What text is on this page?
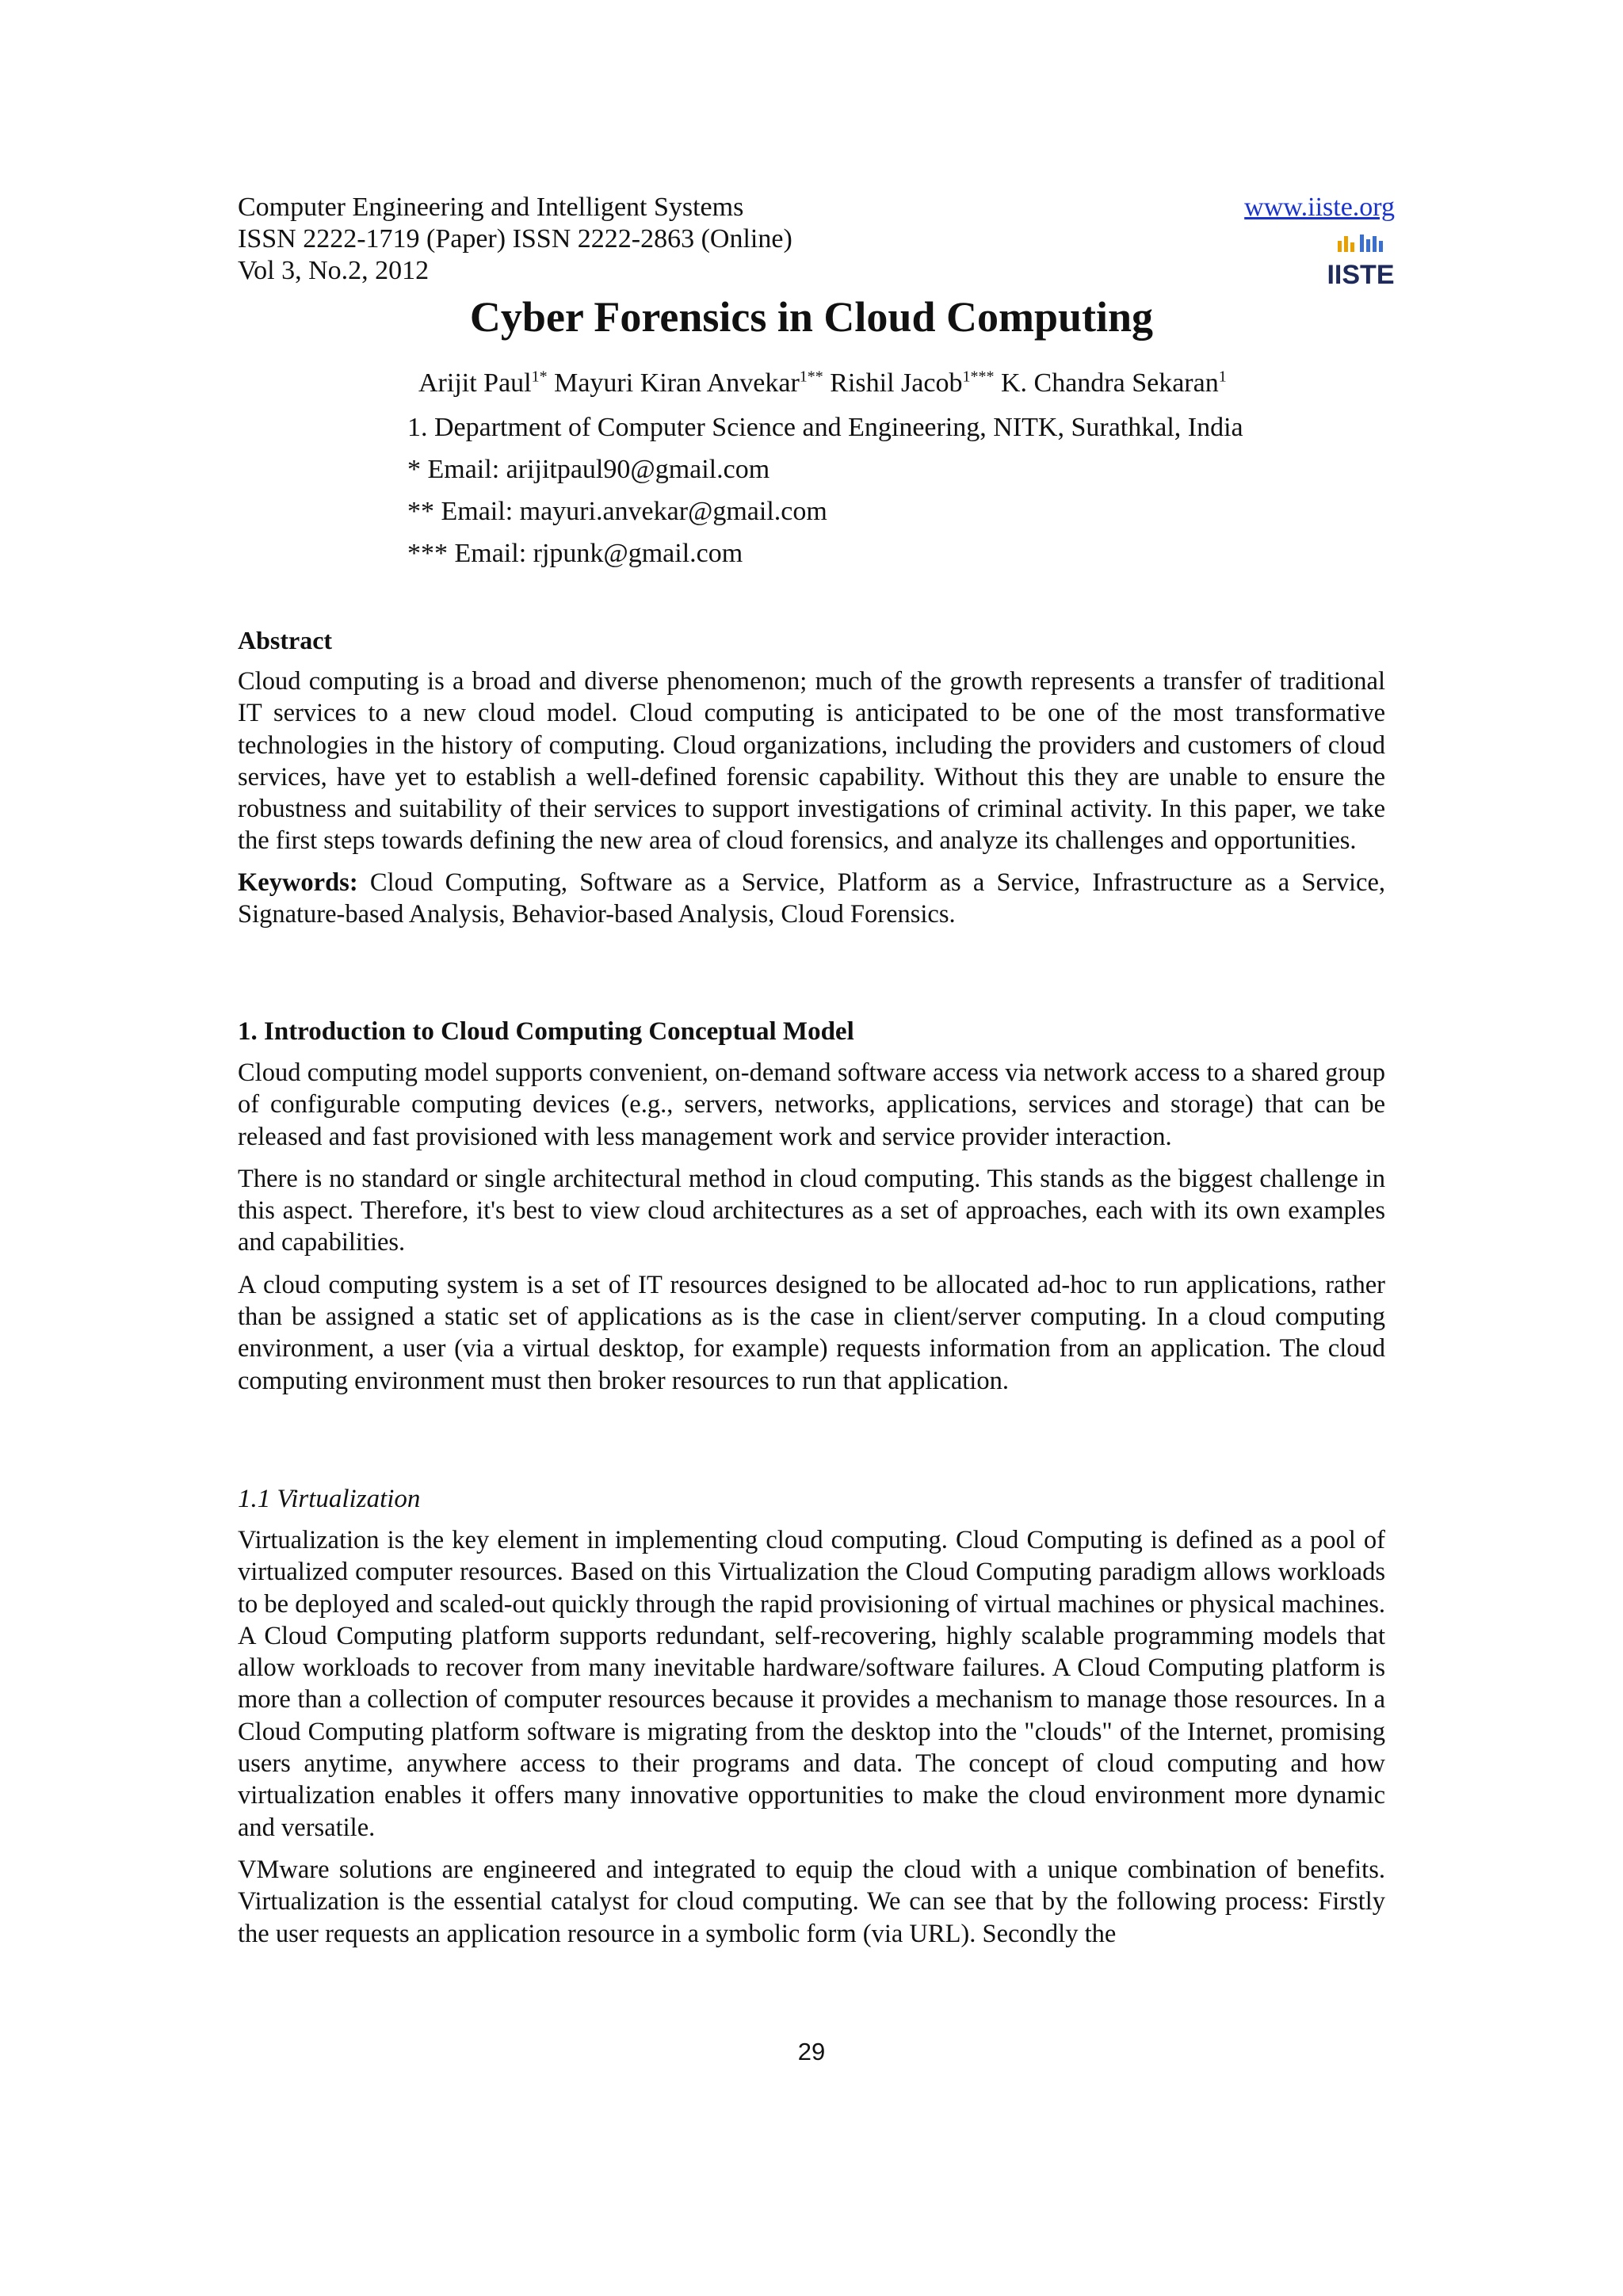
Computer Engineering and Intelligent Systems
ISSN 2222-1719 (Paper) ISSN 2222-2863 (Online)
Vol 3, No.2, 2012
www.iiste.org
IISTE
Cyber Forensics in Cloud Computing
Arijit Paul$^{1*}$ Mayuri Kiran Anvekar$^{1**}$ Rishil Jacob$^{1***}$ K. Chandra Sekaran$^1$
1. Department of Computer Science and Engineering, NITK, Surathkal, India
* Email: arijitpaul90@gmail.com
** Email: mayuri.anvekar@gmail.com
*** Email: rjpunk@gmail.com
Abstract

Cloud computing is a broad and diverse phenomenon; much of the growth represents a transfer of traditional IT services to a new cloud model. Cloud computing is anticipated to be one of the most transformative technologies in the history of computing. Cloud organizations, including the providers and customers of cloud services, have yet to establish a well-defined forensic capability. Without this they are unable to ensure the robustness and suitability of their services to support investigations of criminal activity. In this paper, we take the first steps towards defining the new area of cloud forensics, and analyze its challenges and opportunities.

Keywords: Cloud Computing, Software as a Service, Platform as a Service, Infrastructure as a Service, Signature-based Analysis, Behavior-based Analysis, Cloud Forensics.

1. Introduction to Cloud Computing Conceptual Model

Cloud computing model supports convenient, on-demand software access via network access to a shared group of configurable computing devices (e.g., servers, networks, applications, services and storage) that can be released and fast provisioned with less management work and service provider interaction.

There is no standard or single architectural method in cloud computing. This stands as the biggest challenge in this aspect. Therefore, it's best to view cloud architectures as a set of approaches, each with its own examples and capabilities.

A cloud computing system is a set of IT resources designed to be allocated ad-hoc to run applications, rather than be assigned a static set of applications as is the case in client/server computing. In a cloud computing environment, a user (via a virtual desktop, for example) requests information from an application. The cloud computing environment must then broker resources to run that application.

1.1 Virtualization

Virtualization is the key element in implementing cloud computing. Cloud Computing is defined as a pool of virtualized computer resources. Based on this Virtualization the Cloud Computing paradigm allows workloads to be deployed and scaled-out quickly through the rapid provisioning of virtual machines or physical machines. A Cloud Computing platform supports redundant, self-recovering, highly scalable programming models that allow workloads to recover from many inevitable hardware/software failures. A Cloud Computing platform is more than a collection of computer resources because it provides a mechanism to manage those resources. In a Cloud Computing platform software is migrating from the desktop into the "clouds" of the Internet, promising users anytime, anywhere access to their programs and data. The concept of cloud computing and how virtualization enables it offers many innovative opportunities to make the cloud environment more dynamic and versatile.

VMware solutions are engineered and integrated to equip the cloud with a unique combination of benefits. Virtualization is the essential catalyst for cloud computing. We can see that by the following process: Firstly the user requests an application resource in a symbolic form (via URL). Secondly the

29
